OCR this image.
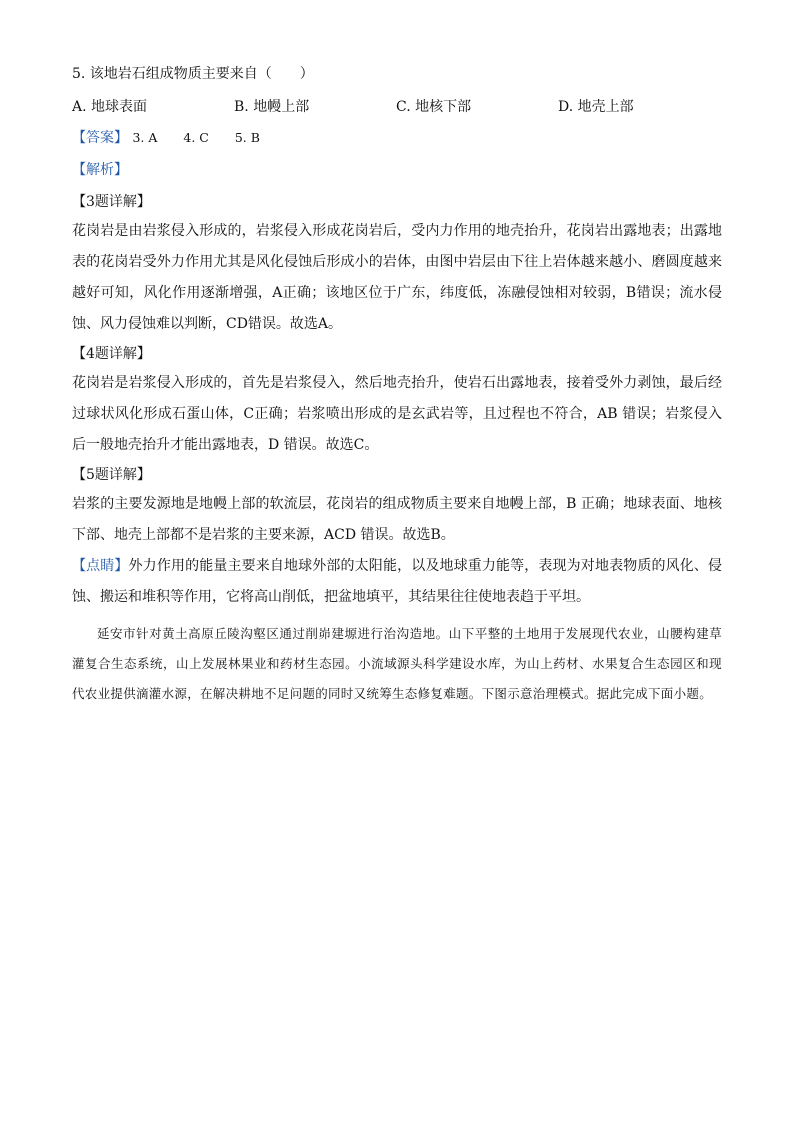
5. 该地岩石组成物质主要来自（　　）

A. 地球表面	B. 地幔上部	C. 地核下部	D. 地壳上部

【答案】 3. A 4. C 5. B

【解析】

【3题详解】

花岗岩是由岩浆侵入形成的，岩浆侵入形成花岗岩后，受内力作用的地壳抬升，花岗岩出露地表；出露地表的花岗岩受外力作用尤其是风化侵蚀后形成小的岩体，由图中岩层由下往上岩体越来越小、磨圆度越来越好可知，风化作用逐渐增强，A正确；该地区位于广东，纬度低，冻融侵蚀相对较弱，B错误；流水侵蚀、风力侵蚀难以判断，CD错误。故选A。

【4题详解】

花岗岩是岩浆侵入形成的，首先是岩浆侵入，然后地壳抬升，使岩石出露地表，接着受外力剥蚀，最后经过球状风化形成石蛋山体，C正确；岩浆喷出形成的是玄武岩等，且过程也不符合，AB 错误；岩浆侵入后一般地壳抬升才能出露地表，D 错误。故选C。

【5题详解】

岩浆的主要发源地是地幔上部的软流层，花岗岩的组成物质主要来自地幔上部，B 正确；地球表面、地核下部、地壳上部都不是岩浆的主要来源，ACD 错误。故选B。

【点睛】外力作用的能量主要来自地球外部的太阳能，以及地球重力能等，表现为对地表物质的风化、侵蚀、搬运和堆积等作用，它将高山削低，把盆地填平，其结果往往使地表趋于平坦。

延安市针对黄土高原丘陵沟壑区通过削峁建塬进行治沟造地。山下平整的土地用于发展现代农业，山腰构建草灌复合生态系统，山上发展林果业和药材生态园。小流域源头科学建设水库，为山上药材、水果复合生态园区和现代农业提供滴灌水源，在解决耕地不足问题的同时又统筹生态修复难题。下图示意治理模式。据此完成下面小题。
